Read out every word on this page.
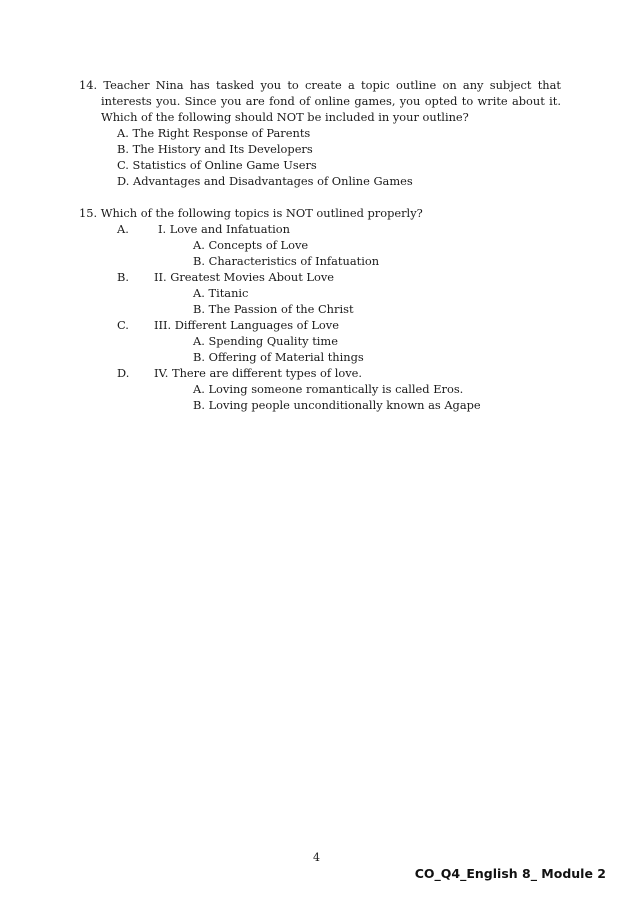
14. Teacher Nina has tasked you to create a topic outline on any subject that
interests you. Since you are fond of online games, you opted to write about it.
Which of the following should NOT be included in your outline?
A. The Right Response of Parents
B. The History and Its Developers
C. Statistics of Online Game Users
D. Advantages and Disadvantages of Online Games
15. Which of the following topics is NOT outlined properly?
A.	I. Love and Infatuation
A. Concepts of Love
B. Characteristics of Infatuation
B. II. Greatest Movies About Love
A. Titanic
B. The Passion of the Christ
C. III. Different Languages of Love
A. Spending Quality time
B. Offering of Material things
D. IV. There are different types of love.
A. Loving someone romantically is called Eros.
B. Loving people unconditionally known as Agape
4
CO_Q4_English 8_ Module 2
